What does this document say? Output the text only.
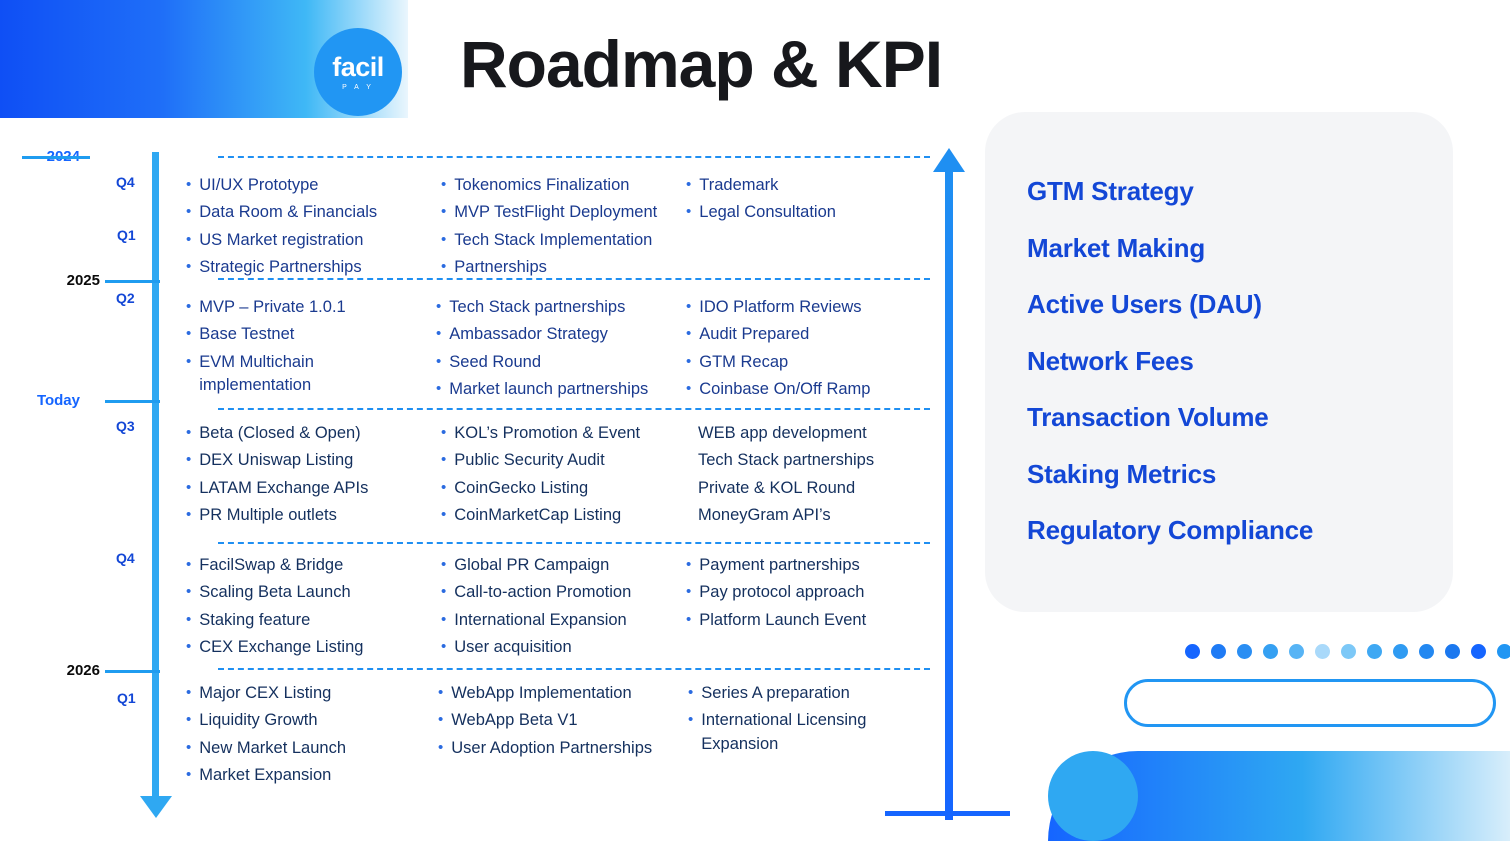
facil
P A Y Roadmap & KPI
2025
Today
2026
Q4
Q1
Q2
Q3
Q4
Q1
• UI/UX Prototype
• Data Room & Financials
• US Market registration
• Strategic Partnerships
• Tokenomics Finalization
• MVP TestFlight Deployment
• Tech Stack Implementation
• Partnerships
• Trademark
• Legal Consultation
• MVP – Private 1.0.1
• Base Testnet
• EVM Multichain implementation
• Tech Stack partnerships
• Ambassador Strategy
• Seed Round
• Market launch partnerships
• IDO Platform Reviews
• Audit Prepared
• GTM Recap
• Coinbase On/Off Ramp
• Beta (Closed & Open)
• DEX Uniswap Listing
• LATAM Exchange APIs
• PR Multiple outlets
• KOL’s Promotion & Event
• Public Security Audit
• CoinGecko Listing
• CoinMarketCap Listing
WEB app development
Tech Stack partnerships
Private & KOL Round
MoneyGram API’s
• FacilSwap & Bridge
• Scaling Beta Launch
• Staking feature
• CEX Exchange Listing
• Global PR Campaign
• Call-to-action Promotion
• International Expansion
• User acquisition
• Payment partnerships
• Pay protocol approach
• Platform Launch Event
• Major CEX Listing
• Liquidity Growth
• New Market Launch
• Market Expansion
• WebApp Implementation
• WebApp Beta V1
• User Adoption Partnerships
• Series A preparation
• International Licensing Expansion
GTM Strategy
Market Making
Active Users (DAU)
Network Fees
Transaction Volume
Staking Metrics
Regulatory Compliance
